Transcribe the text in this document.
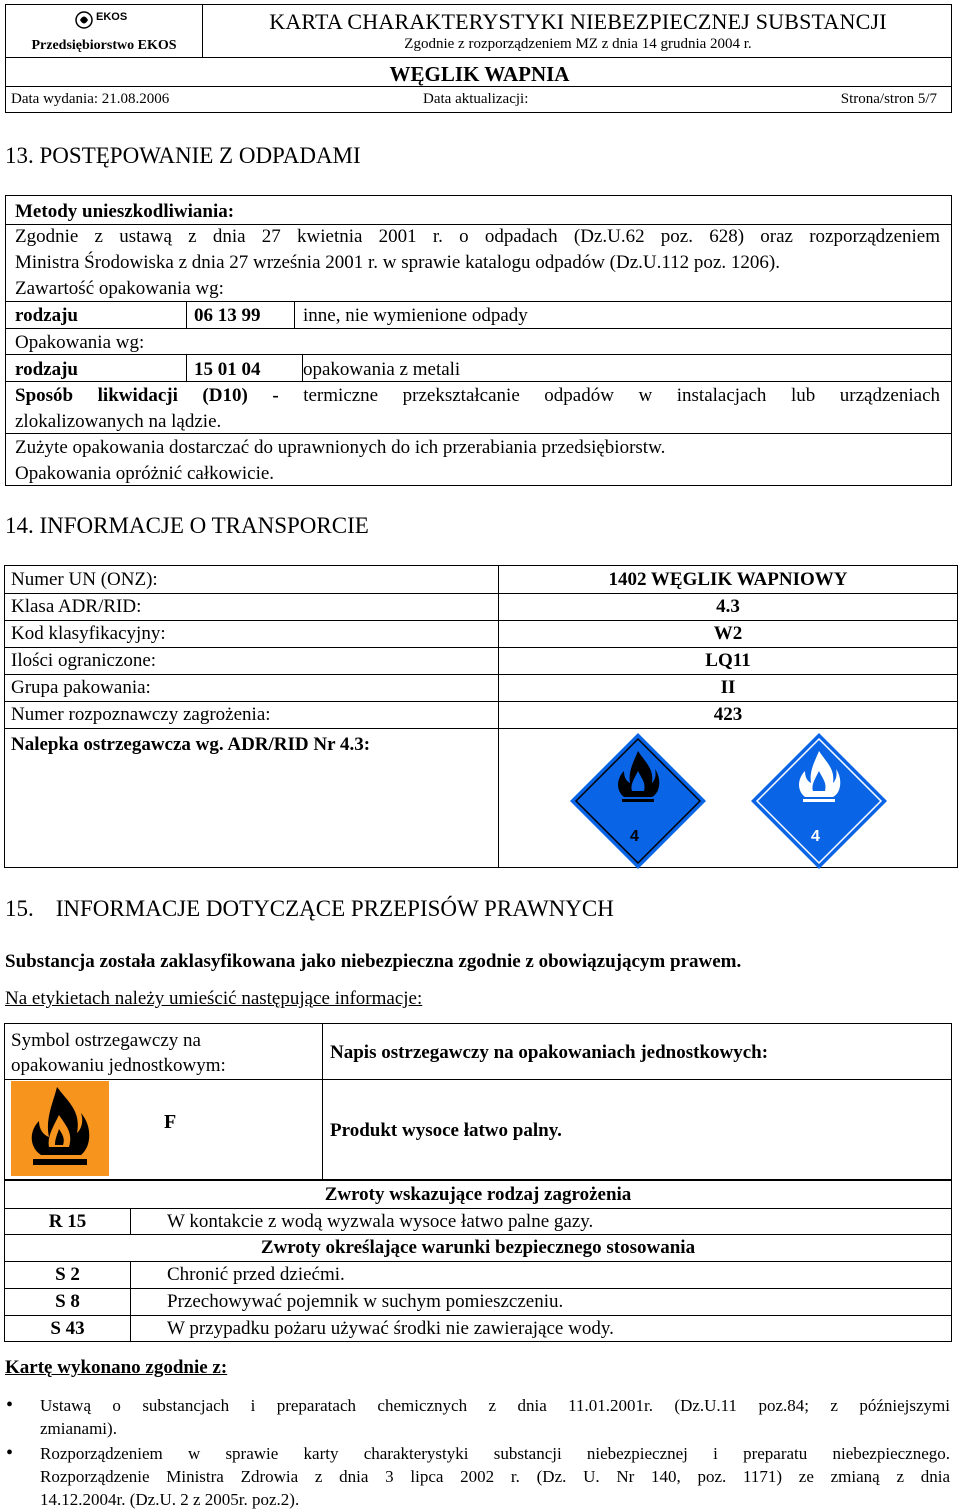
EKOS
Przedsiębiorstwo EKOS
KARTA CHARAKTERYSTYKI NIEBEZPIECZNEJ SUBSTANCJI
Zgodnie z rozporządzeniem MZ z dnia 14 grudnia 2004 r.
WĘGLIK WAPNIA
Data wydania: 21.08.2006	Data aktualizacji:	Strona/stron 5/7
13. POSTĘPOWANIE Z ODPADAMI
Metody unieszkodliwiania:
Zgodnie z ustawą z dnia 27 kwietnia 2001 r. o odpadach (Dz.U.62 poz. 628) oraz rozporządzeniem
Ministra Środowiska z dnia 27 września 2001 r. w sprawie katalogu odpadów (Dz.U.112 poz. 1206).
Zawartość opakowania wg:
rodzaju	06 13 99 inne, nie wymienione odpady
Opakowania wg:
rodzaju	15 01 04 opakowania z metali
Sposób likwidacji (D10) - termiczne przekształcanie odpadów w instalacjach lub urządzeniach
zlokalizowanych na lądzie.
Zużyte opakowania dostarczać do uprawnionych do ich przerabiania przedsiębiorstw.
Opakowania opróżnić całkowicie.
14. INFORMACJE O TRANSPORCIE
Numer UN (ONZ):	1402 WĘGLIK WAPNIOWY
Klasa ADR/RID:	4.3
Kod klasyfikacyjny:	W2
Ilości ograniczone:	LQ11
Grupa pakowania:	II
Numer rozpoznawczy zagrożenia:	423
Nalepka ostrzegawcza wg. ADR/RID Nr 4.3:
4	4
15. INFORMACJE DOTYCZĄCE PRZEPISÓW PRAWNYCH
Substancja została zaklasyfikowana jako niebezpieczna zgodnie z obowiązującym prawem.
Na etykietach należy umieścić następujące informacje:
Symbol ostrzegawczy na
opakowaniu jednostkowym:
Napis ostrzegawczy na opakowaniach jednostkowych:
F	Produkt wysoce łatwo palny.
Zwroty wskazujące rodzaj zagrożenia
R 15	W kontakcie z wodą wyzwala wysoce łatwo palne gazy.
Zwroty określające warunki bezpiecznego stosowania
S 2	Chronić przed dziećmi.
S 8	Przechowywać pojemnik w suchym pomieszczeniu.
S 43	W przypadku pożaru używać środki nie zawierające wody.
Kartę wykonano zgodnie z:
• Ustawą o substancjach i preparatach chemicznych z dnia 11.01.2001r. (Dz.U.11 poz.84; z późniejszymi
zmianami).
• Rozporządzeniem w sprawie karty charakterystyki substancji niebezpiecznej i preparatu niebezpiecznego.
Rozporządzenie Ministra Zdrowia z dnia 3 lipca 2002 r. (Dz. U. Nr 140, poz. 1171) ze zmianą z dnia
14.12.2004r. (Dz.U. 2 z 2005r. poz.2).
